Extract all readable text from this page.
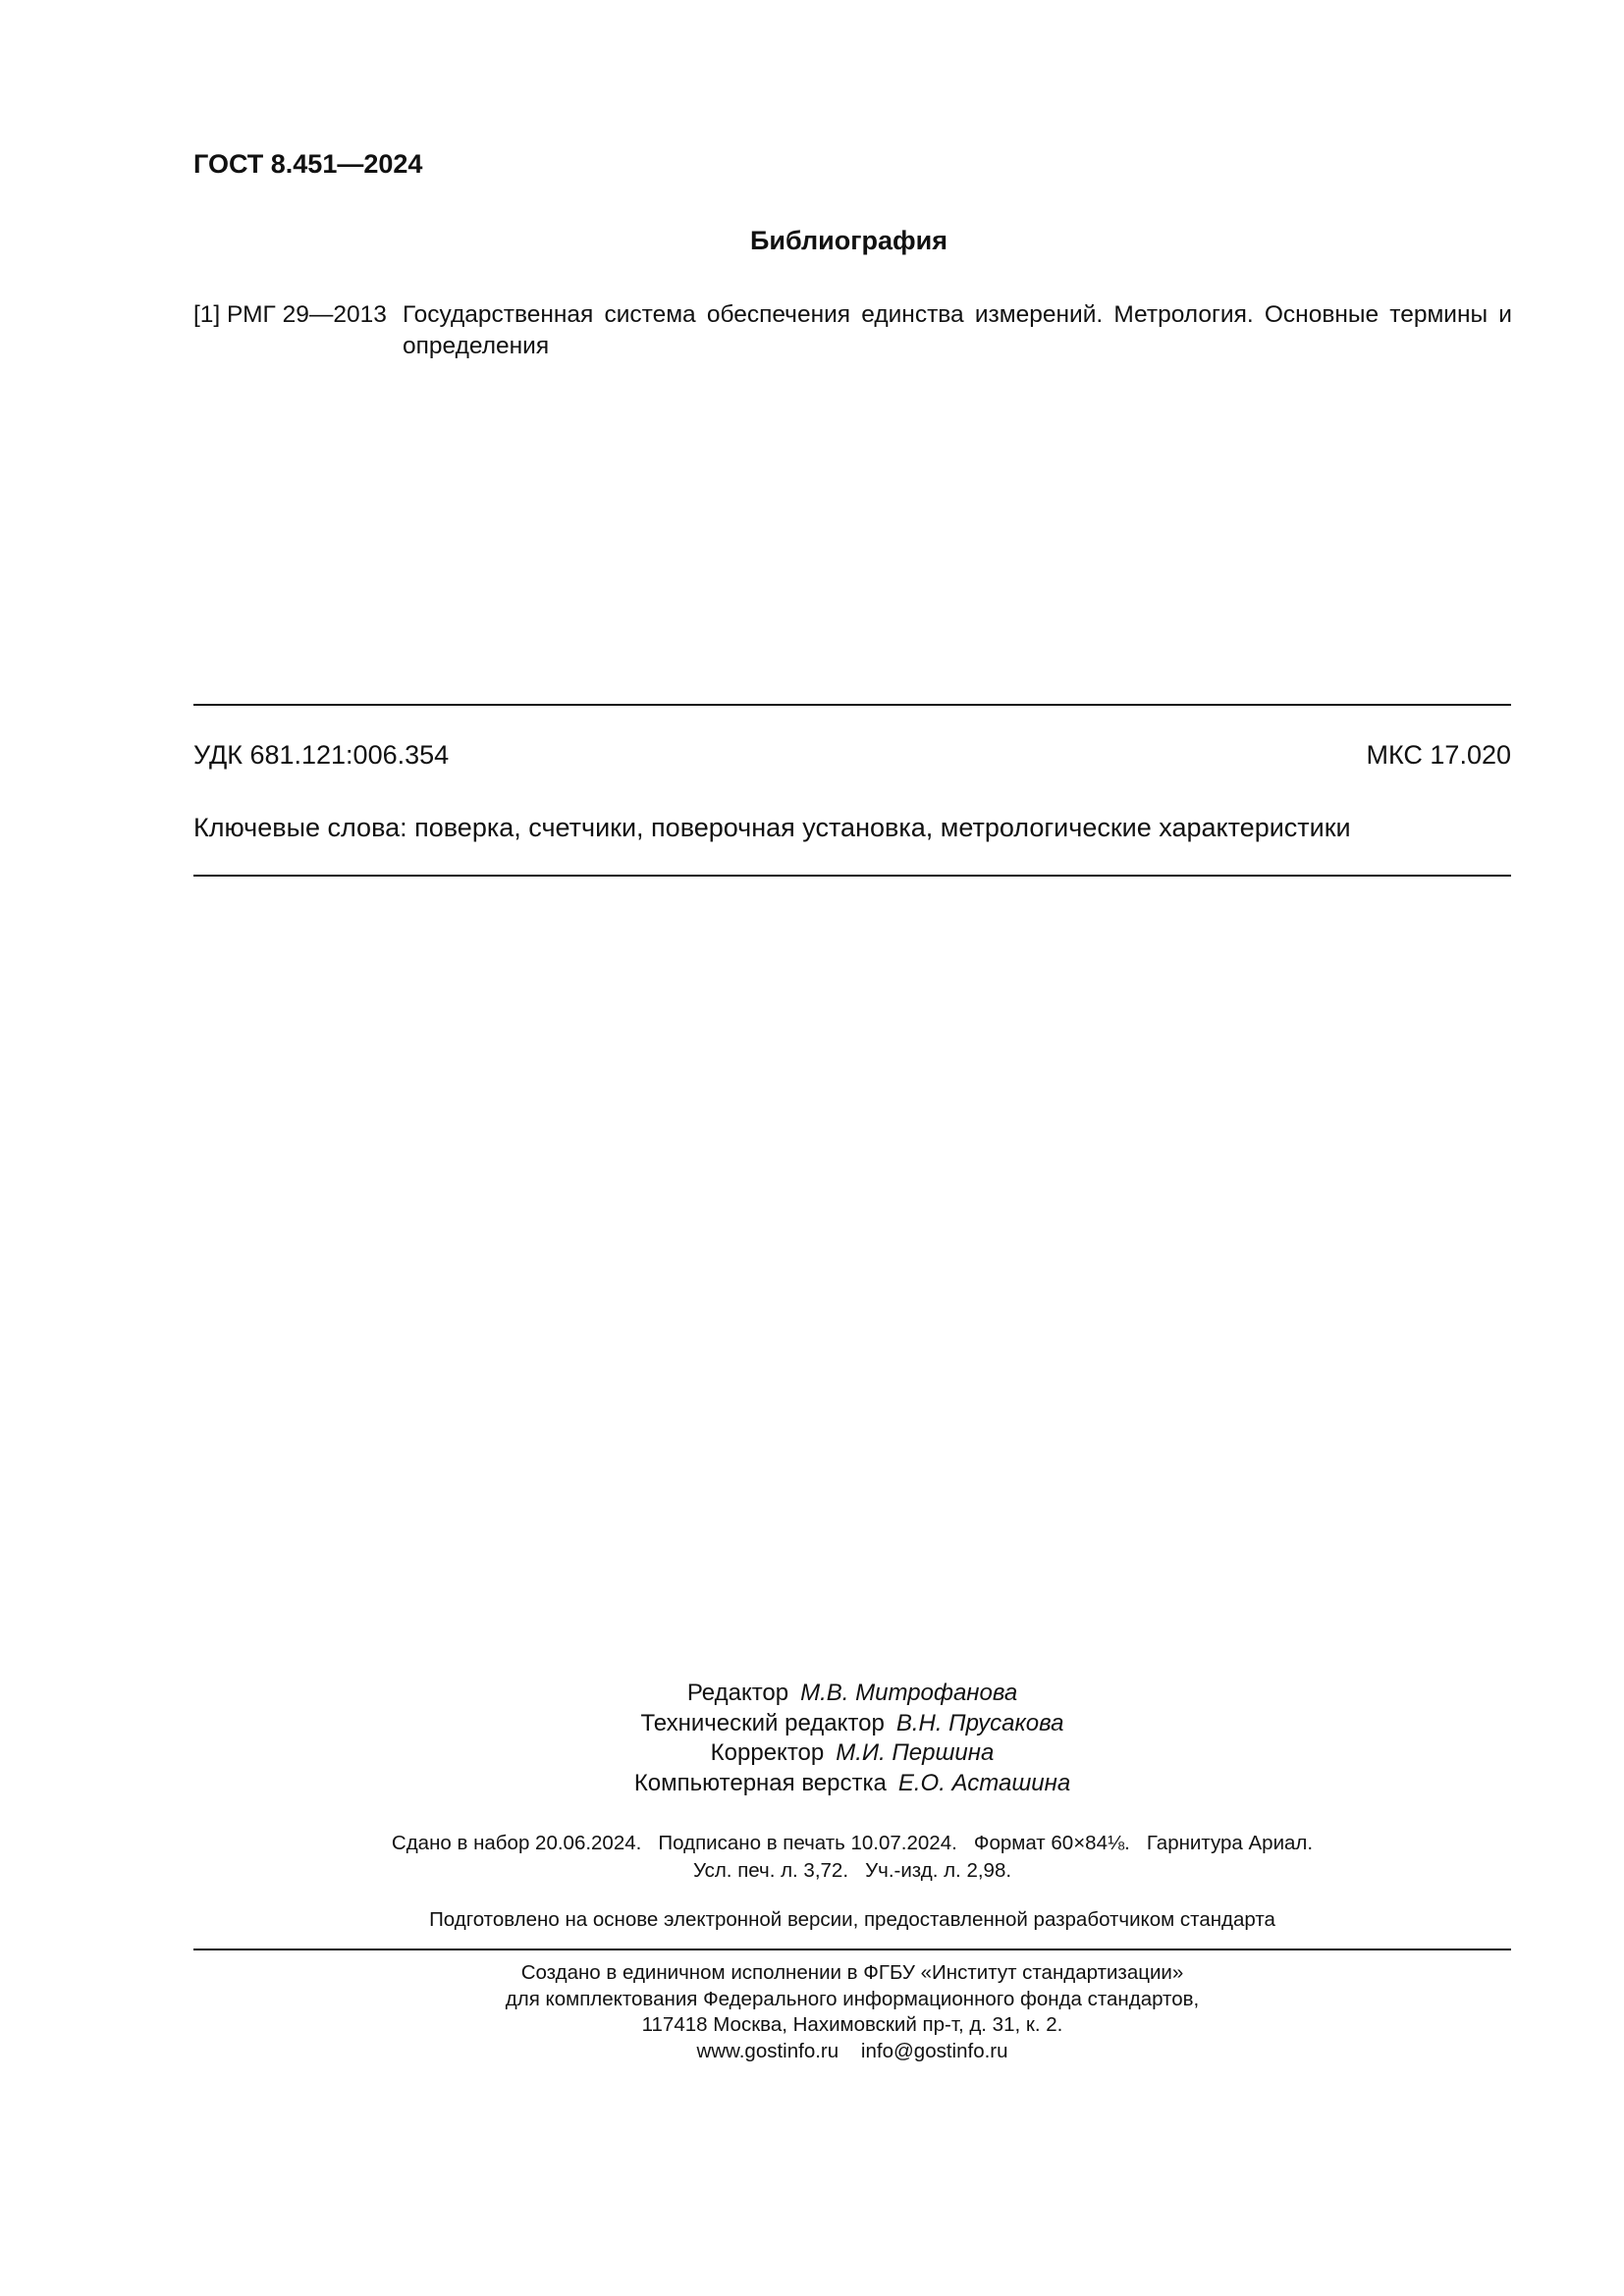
ГОСТ 8.451—2024
Библиография
[1] РМГ 29—2013 Государственная система обеспечения единства измерений. Метрология. Основные термины и определения
УДК 681.121:006.354	МКС 17.020
Ключевые слова: поверка, счетчики, поверочная установка, метрологические характеристики
Редактор М.В. Митрофанова
Технический редактор В.Н. Прусакова
Корректор М.И. Першина
Компьютерная верстка Е.О. Асташина
Сдано в набор 20.06.2024.   Подписано в печать 10.07.2024.   Формат 60×84⅛.   Гарнитура Ариал.
Усл. печ. л. 3,72.   Уч.-изд. л. 2,98.
Подготовлено на основе электронной версии, предоставленной разработчиком стандарта
Создано в единичном исполнении в ФГБУ «Институт стандартизации»
для комплектования Федерального информационного фонда стандартов,
117418 Москва, Нахимовский пр-т, д. 31, к. 2.
www.gostinfo.ru    info@gostinfo.ru
